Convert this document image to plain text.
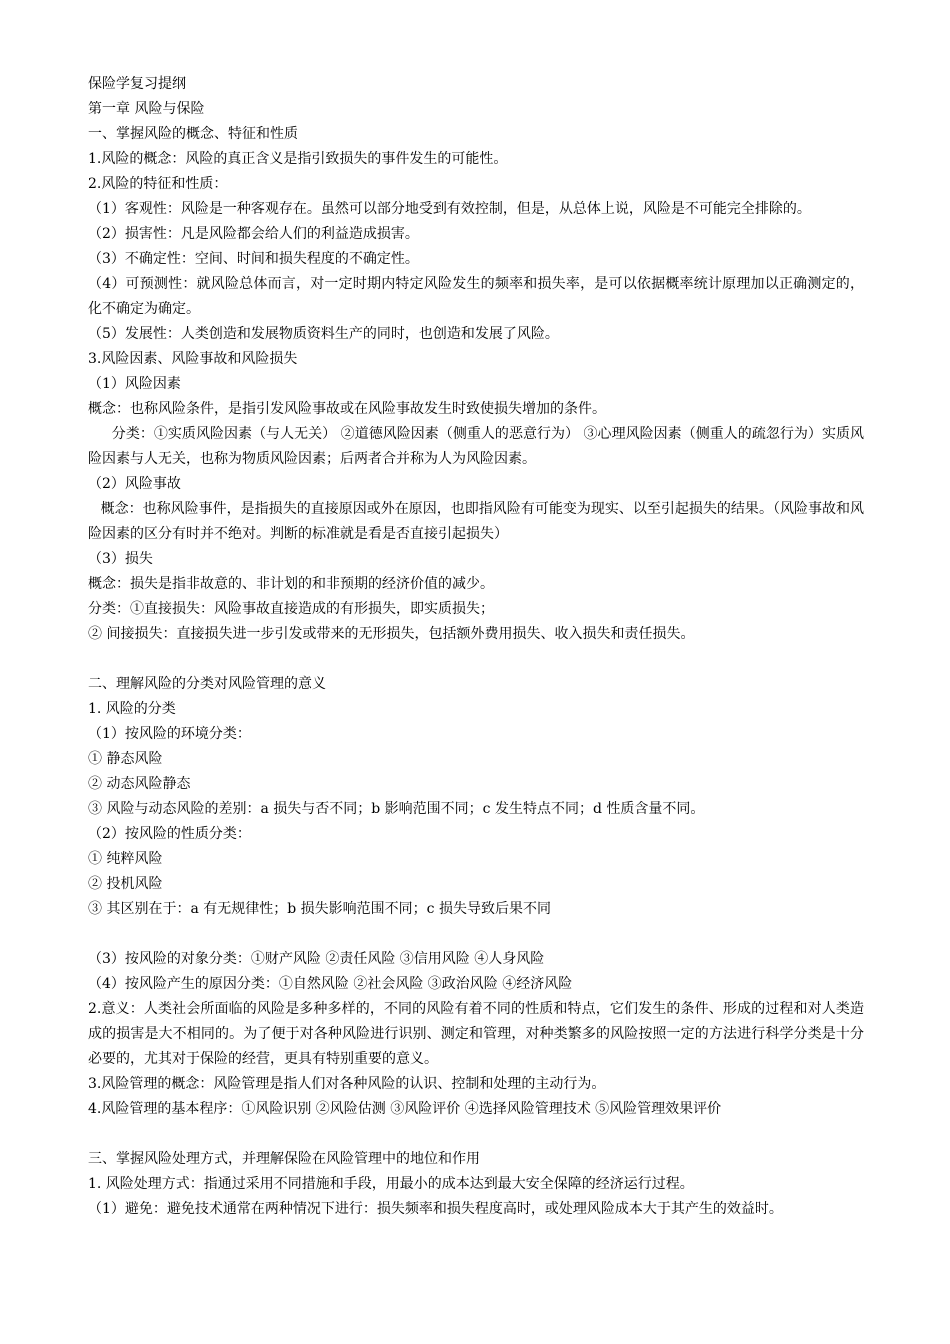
保险学复习提纲

第一章 风险与保险

一、掌握风险的概念、特征和性质

1.风险的概念：风险的真正含义是指引致损失的事件发生的可能性。

2.风险的特征和性质：

（1）客观性：风险是一种客观存在。虽然可以部分地受到有效控制，但是，从总体上说，风险是不可能完全排除的。

（2）损害性：凡是风险都会给人们的利益造成损害。

（3）不确定性：空间、时间和损失程度的不确定性。

（4）可预测性：就风险总体而言，对一定时期内特定风险发生的频率和损失率，是可以依据概率统计原理加以正确测定的， 化不确定为确定。

（5）发展性：人类创造和发展物质资料生产的同时，也创造和发展了风险。

3.风险因素、风险事故和风险损失

（1）风险因素

概念：也称风险条件，是指引发风险事故或在风险事故发生时致使损失增加的条件。

分类：①实质风险因素（与人无关） ②道德风险因素（侧重人的恶意行为） ③心理风险因素（侧重人的疏忽行为）实质风险因素与人无关，也称为物质风险因素；后两者合并称为人为风险因素。

（2）风险事故

概念：也称风险事件，是指损失的直接原因或外在原因，也即指风险有可能变为现实、以至引起损失的结果。（风险事故和风险因素的区分有时并不绝对。判断的标准就是看是否直接引起损失）

（3）损失

概念：损失是指非故意的、非计划的和非预期的经济价值的减少。

分类：①直接损失：风险事故直接造成的有形损失，即实质损失；

② 间接损失：直接损失进一步引发或带来的无形损失，包括额外费用损失、收入损失和责任损失。

二、理解风险的分类对风险管理的意义

1. 风险的分类

（1）按风险的环境分类：

① 静态风险

② 动态风险静态

③ 风险与动态风险的差别：a 损失与否不同；b 影响范围不同；c 发生特点不同；d 性质含量不同。

（2）按风险的性质分类：

① 纯粹风险

② 投机风险

③ 其区别在于：a 有无规律性；b 损失影响范围不同；c 损失导致后果不同

（3）按风险的对象分类：①财产风险 ②责任风险 ③信用风险 ④人身风险

（4）按风险产生的原因分类：①自然风险 ②社会风险 ③政治风险 ④经济风险

2.意义：人类社会所面临的风险是多种多样的，不同的风险有着不同的性质和特点，它们发生的条件、形成的过程和对人类造成的损害是大不相同的。为了便于对各种风险进行识别、测定和管理，对种类繁多的风险按照一定的方法进行科学分类是十分必要的，尤其对于保险的经营，更具有特别重要的意义。

3.风险管理的概念：风险管理是指人们对各种风险的认识、控制和处理的主动行为。

4.风险管理的基本程序：①风险识别 ②风险估测 ③风险评价 ④选择风险管理技术 ⑤风险管理效果评价

三、掌握风险处理方式，并理解保险在风险管理中的地位和作用

1. 风险处理方式：指通过采用不同措施和手段，用最小的成本达到最大安全保障的经济运行过程。

（1）避免：避免技术通常在两种情况下进行：损失频率和损失程度高时，或处理风险成本大于其产生的效益时。
